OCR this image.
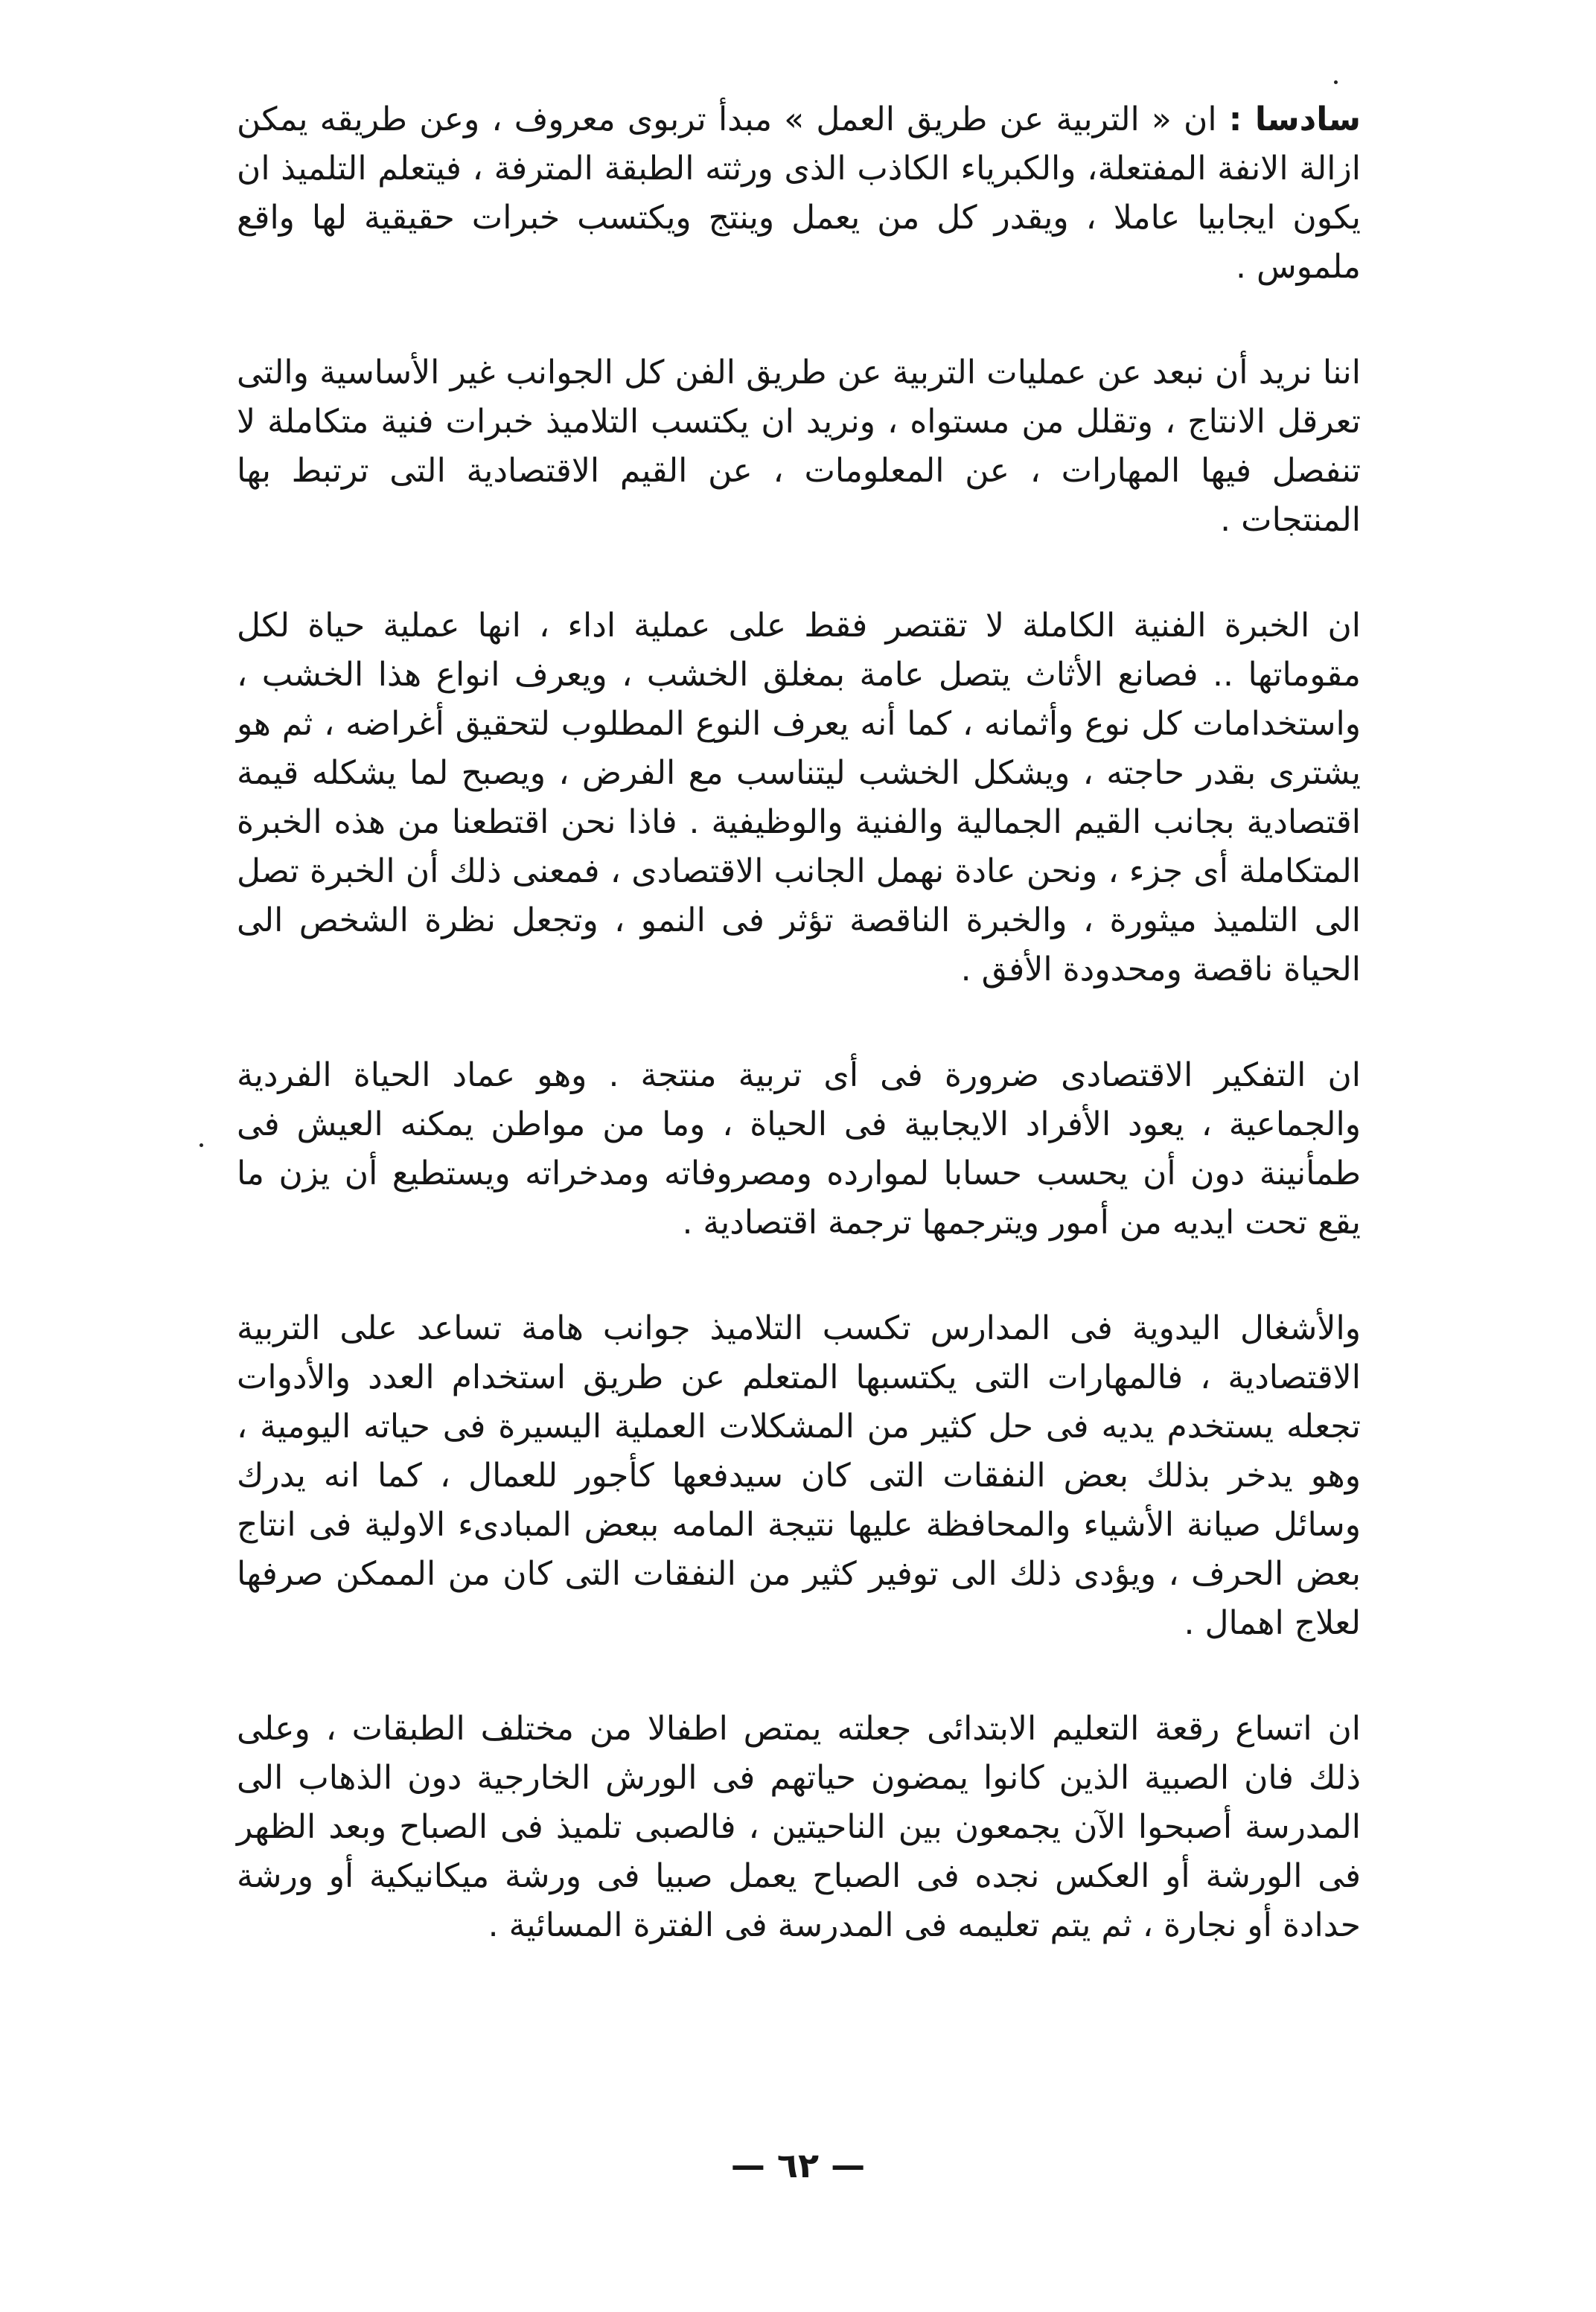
سادسا : ان « التربية عن طريق العمل » مبدأ تربوى معروف ، وعن طريقه يمكن ازالة الانفة المفتعلة، والكبرياء الكاذب الذى ورثته الطبقة المترفة ، فيتعلم التلميذ ان يكون ايجابيا عاملا ، ويقدر كل من يعمل وينتج ويكتسب خبرات حقيقية لها واقع ملموس .

اننا نريد أن نبعد عن عمليات التربية عن طريق الفن كل الجوانب غير الأساسية والتى تعرقل الانتاج ، وتقلل من مستواه ، ونريد ان يكتسب التلاميذ خبرات فنية متكاملة لا تنفصل فيها المهارات ، عن المعلومات ، عن القيم الاقتصادية التى ترتبط بها المنتجات .

ان الخبرة الفنية الكاملة لا تقتصر فقط على عملية اداء ، انها عملية حياة لكل مقوماتها .. فصانع الأثاث يتصل عامة بمغلق الخشب ، ويعرف انواع هذا الخشب ، واستخدامات كل نوع وأثمانه ، كما أنه يعرف النوع المطلوب لتحقيق أغراضه ، ثم هو يشترى بقدر حاجته ، ويشكل الخشب ليتناسب مع الفرض ، ويصبح لما يشكله قيمة اقتصادية بجانب القيم الجمالية والفنية والوظيفية . فاذا نحن اقتطعنا من هذه الخبرة المتكاملة أى جزء ، ونحن عادة نهمل الجانب الاقتصادى ، فمعنى ذلك أن الخبرة تصل الى التلميذ ميثورة ، والخبرة الناقصة تؤثر فى النمو ، وتجعل نظرة الشخص الى الحياة ناقصة ومحدودة الأفق .

ان التفكير الاقتصادى ضرورة فى أى تربية منتجة . وهو عماد الحياة الفردية والجماعية ، يعود الأفراد الايجابية فى الحياة ، وما من مواطن يمكنه العيش فى طمأنينة دون أن يحسب حسابا لموارده ومصروفاته ومدخراته ويستطيع أن يزن ما يقع تحت ايديه من أمور ويترجمها ترجمة اقتصادية .

والأشغال اليدوية فى المدارس تكسب التلاميذ جوانب هامة تساعد على التربية الاقتصادية ، فالمهارات التى يكتسبها المتعلم عن طريق استخدام العدد والأدوات تجعله يستخدم يديه فى حل كثير من المشكلات العملية اليسيرة فى حياته اليومية ، وهو يدخر بذلك بعض النفقات التى كان سيدفعها كأجور للعمال ، كما انه يدرك وسائل صيانة الأشياء والمحافظة عليها نتيجة المامه ببعض المبادىء الاولية فى انتاج بعض الحرف ، ويؤدى ذلك الى توفير كثير من النفقات التى كان من الممكن صرفها لعلاج اهمال .

ان اتساع رقعة التعليم الابتدائى جعلته يمتص اطفالا من مختلف الطبقات ، وعلى ذلك فان الصبية الذين كانوا يمضون حياتهم فى الورش الخارجية دون الذهاب الى المدرسة أصبحوا الآن يجمعون بين الناحيتين ، فالصبى تلميذ فى الصباح وبعد الظهر فى الورشة أو العكس نجده فى الصباح يعمل صبيا فى ورشة ميكانيكية أو ورشة حدادة أو نجارة ، ثم يتم تعليمه فى المدرسة فى الفترة المسائية .

— ٦٢ —
